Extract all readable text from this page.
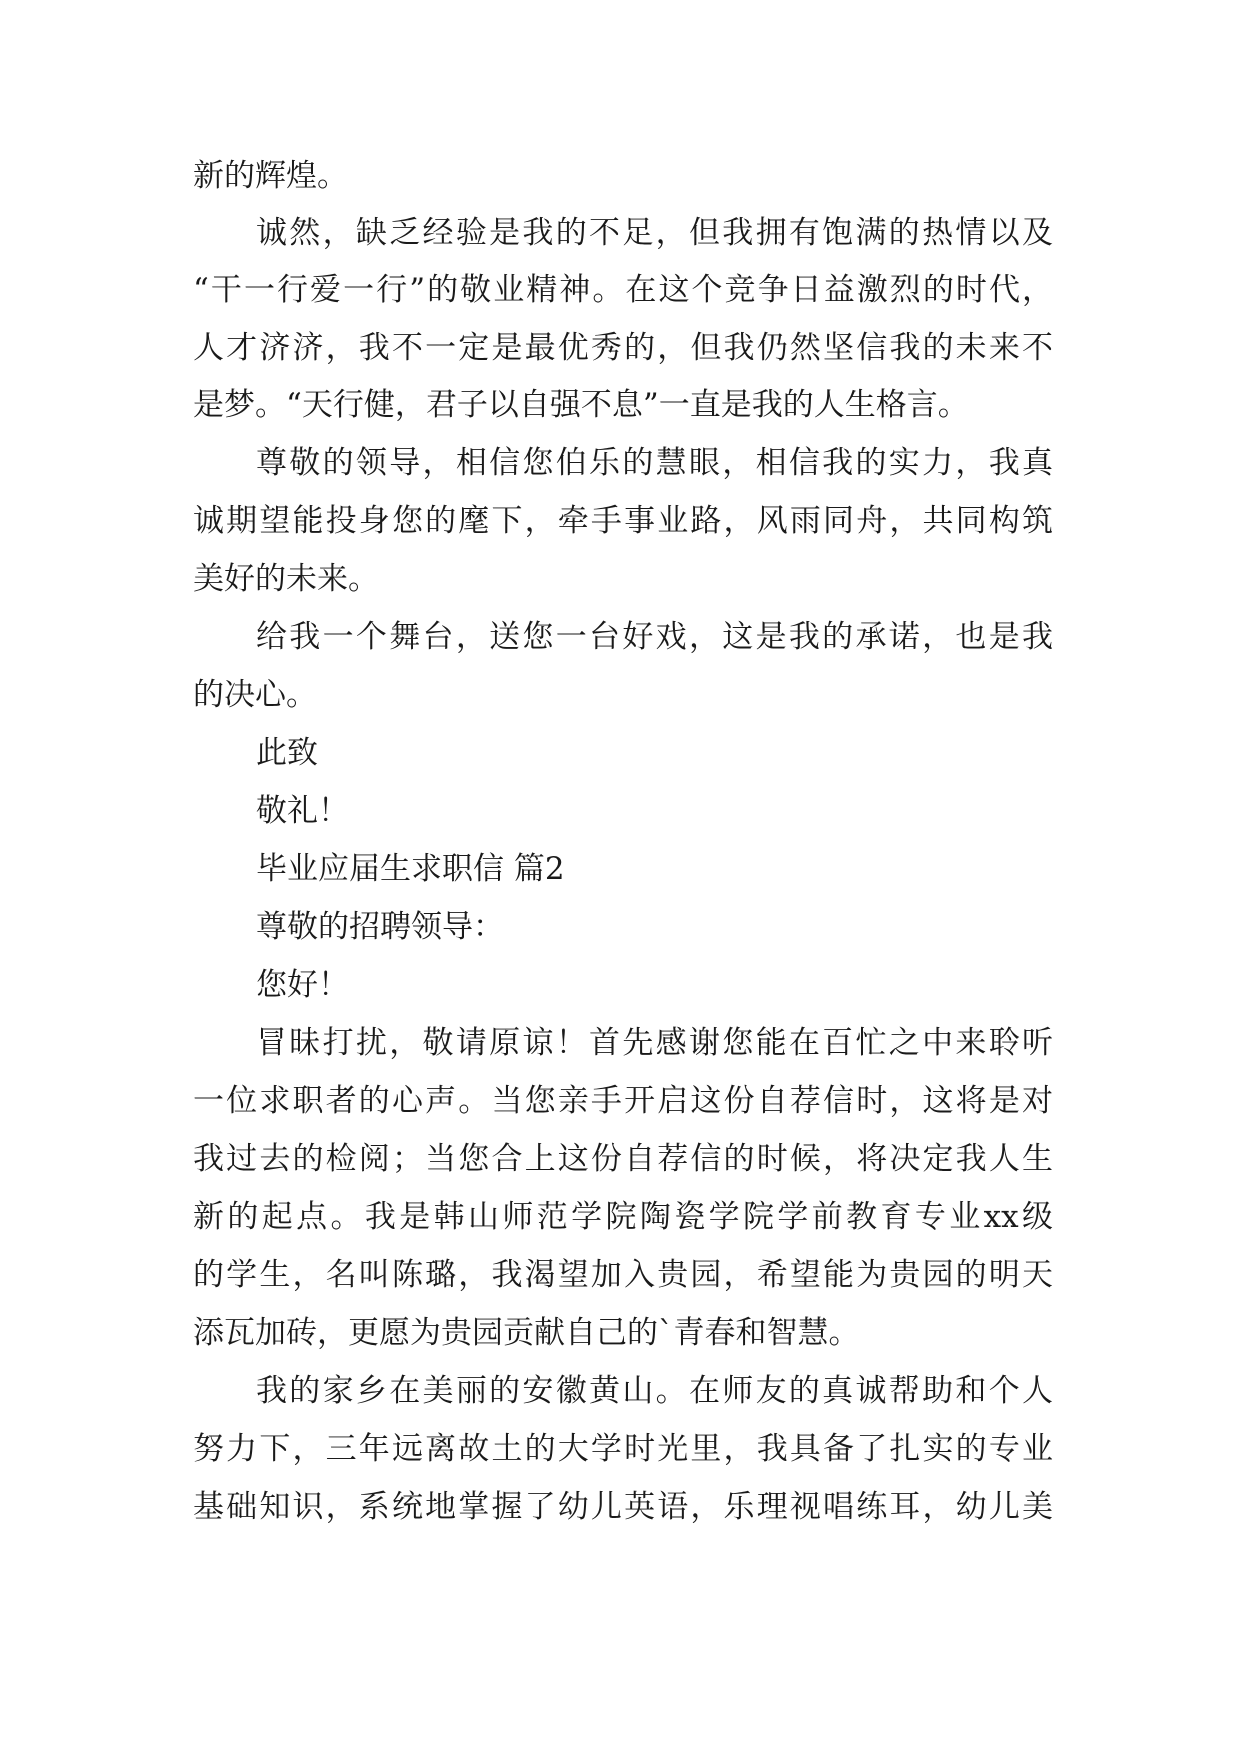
新的辉煌。
诚然，缺乏经验是我的不足，但我拥有饱满的热情以及
“干一行爱一行”的敬业精神。在这个竞争日益激烈的时代，
人才济济，我不一定是最优秀的，但我仍然坚信我的未来不
是梦。“天行健，君子以自强不息”一直是我的人生格言。
尊敬的领导，相信您伯乐的慧眼，相信我的实力，我真
诚期望能投身您的麾下，牵手事业路，风雨同舟，共同构筑
美好的未来。
给我一个舞台，送您一台好戏，这是我的承诺，也是我
的决心。
此致
敬礼！
毕业应届生求职信 篇2
尊敬的招聘领导：
您好！
冒昧打扰，敬请原谅！首先感谢您能在百忙之中来聆听
一位求职者的心声。当您亲手开启这份自荐信时，这将是对
我过去的检阅；当您合上这份自荐信的时候，将决定我人生
新的起点。我是韩山师范学院陶瓷学院学前教育专业xx级
的学生，名叫陈璐，我渴望加入贵园，希望能为贵园的明天
添瓦加砖，更愿为贵园贡献自己的`青春和智慧。
我的家乡在美丽的安徽黄山。在师友的真诚帮助和个人
努力下，三年远离故土的大学时光里，我具备了扎实的专业
基础知识，系统地掌握了幼儿英语，乐理视唱练耳，幼儿美
